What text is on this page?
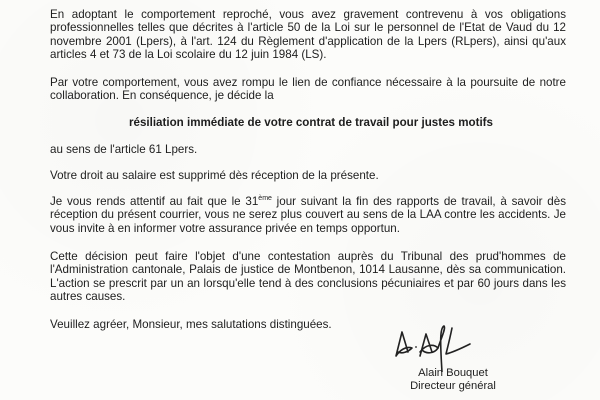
En adoptant le comportement reproché, vous avez gravement contrevenu à vos obligations professionnelles telles que décrites à l'article 50 de la Loi sur le personnel de l'Etat de Vaud du 12 novembre 2001 (Lpers), à l'art. 124 du Règlement d'application de la Lpers (RLpers), ainsi qu'aux articles 4 et 73 de la Loi scolaire du 12 juin 1984 (LS).

Par votre comportement, vous avez rompu le lien de confiance nécessaire à la poursuite de notre collaboration. En conséquence, je décide la

résiliation immédiate de votre contrat de travail pour justes motifs

au sens de l'article 61 Lpers.

Votre droit au salaire est supprimé dès réception de la présente.

Je vous rends attentif au fait que le 31ème jour suivant la fin des rapports de travail, à savoir dès réception du présent courrier, vous ne serez plus couvert au sens de la LAA contre les accidents. Je vous invite à en informer votre assurance privée en temps opportun.

Cette décision peut faire l'objet d'une contestation auprès du Tribunal des prud'hommes de l'Administration cantonale, Palais de justice de Montbenon, 1014 Lausanne, dès sa communication. L'action se prescrit par un an lorsqu'elle tend à des conclusions pécuniaires et par 60 jours dans les autres causes.

Veuillez agréer, Monsieur, mes salutations distinguées.

Alain Bouquet
Directeur général
